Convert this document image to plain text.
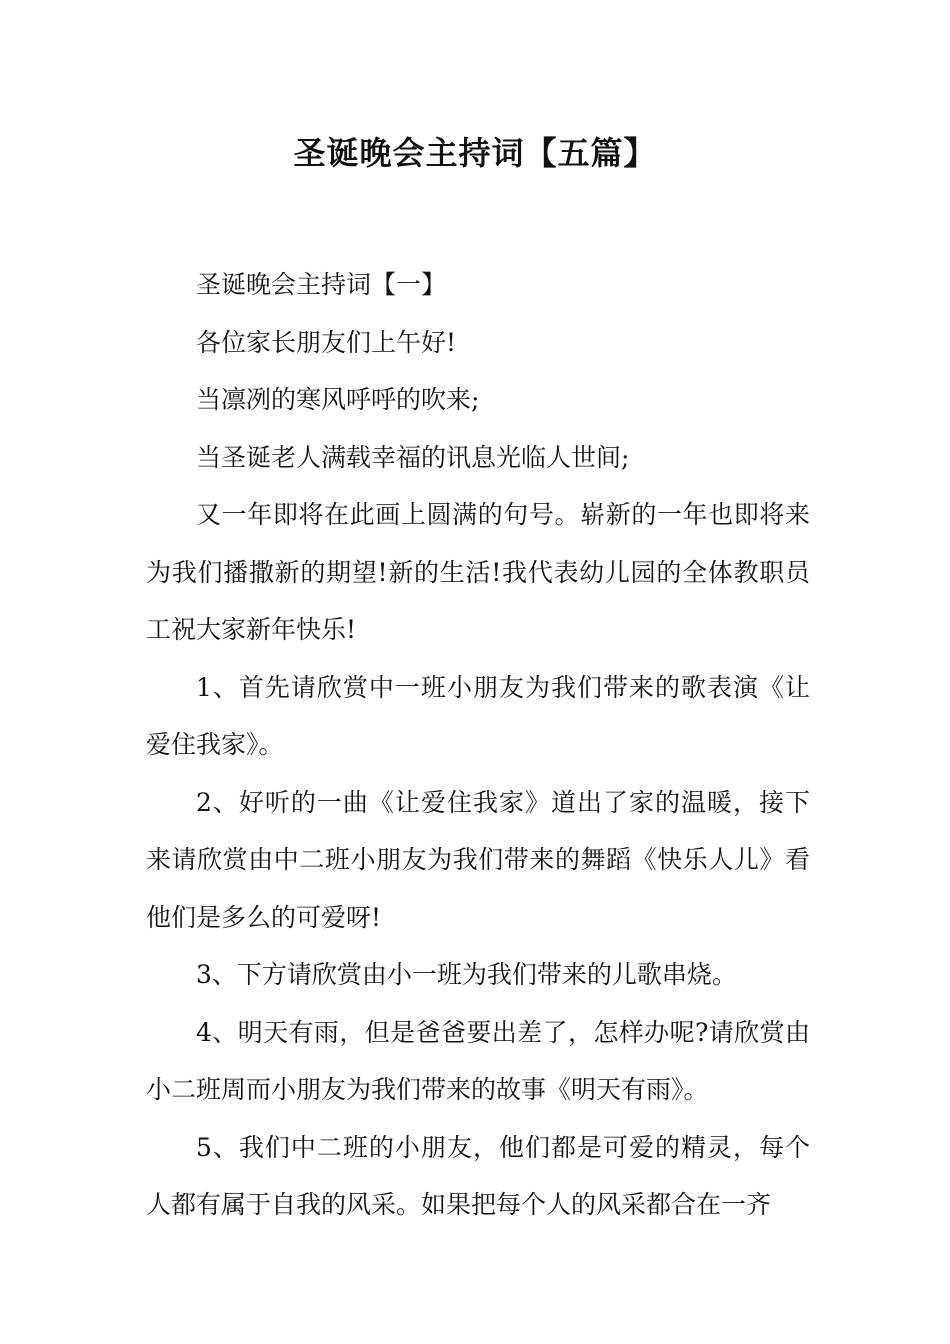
圣诞晚会主持词【五篇】

圣诞晚会主持词【一】

各位家长朋友们上午好!

当凛冽的寒风呼呼的吹来;

当圣诞老人满载幸福的讯息光临人世间;

又一年即将在此画上圆满的句号。崭新的一年也即将来为我们播撒新的期望!新的生活!我代表幼儿园的全体教职员工祝大家新年快乐!

1、首先请欣赏中一班小朋友为我们带来的歌表演《让爱住我家》。

2、好听的一曲《让爱住我家》道出了家的温暖，接下来请欣赏由中二班小朋友为我们带来的舞蹈《快乐人儿》看他们是多么的可爱呀!

3、下方请欣赏由小一班为我们带来的儿歌串烧。

4、明天有雨，但是爸爸要出差了，怎样办呢?请欣赏由小二班周而小朋友为我们带来的故事《明天有雨》。

5、我们中二班的小朋友，他们都是可爱的精灵，每个人都有属于自我的风采。如果把每个人的风采都合在一齐
